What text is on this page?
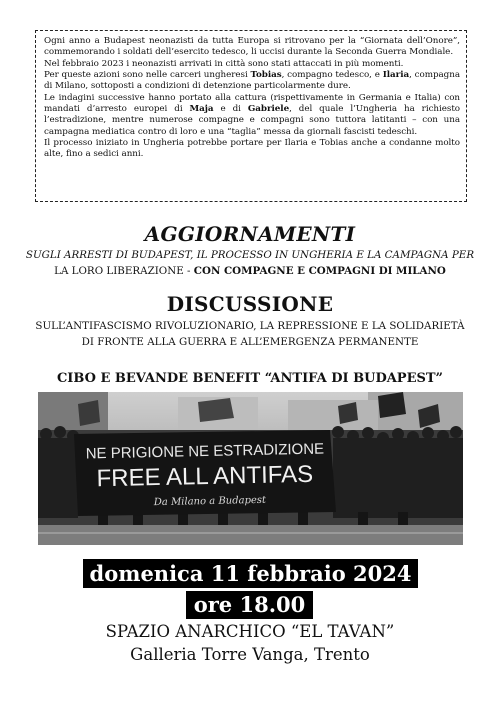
Ogni anno a Budapest neonazisti da tutta Europa si ritrovano per la “Giornata dell’Onore”, commemorando i soldati dell’esercito tedesco, li uccisi durante la Seconda Guerra Mondiale.

Nel febbraio 2023 i neonazisti arrivati in città sono stati attaccati in più momenti.

Per queste azioni sono nelle carceri ungheresi Tobias, compagno tedesco, e Ilaria, compagna di Milano, sottoposti a condizioni di detenzione particolarmente dure.

Le indagini successive hanno portato alla cattura (rispettivamente in Germania e Italia) con mandati d’arresto europei di Maja e di Gabriele, del quale l’Ungheria ha richiesto l’estradizione, mentre numerose compagne e compagni sono tuttora latitanti – con una campagna mediatica contro di loro e una “taglia” messa da giornali fascisti tedeschi.

Il processo iniziato in Ungheria potrebbe portare per Ilaria e Tobias anche a condanne molto alte, fino a sedici anni.

AGGIORNAMENTI
SUGLI ARRESTI DI BUDAPEST, IL PROCESSO IN UNGHERIA E LA CAMPAGNA PER
LA LORO LIBERAZIONE - CON COMPAGNE E COMPAGNI DI MILANO
DISCUSSIONE
SULL’ANTIFASCISMO RIVOLUZIONARIO, LA REPRESSIONE E LA SOLIDARIETÀ
DI FRONTE ALLA GUERRA E ALL’EMERGENZA PERMANENTE
CIBO E BEVANDE BENEFIT “ANTIFA DI BUDAPEST”
NE PRIGIONE NE ESTRADIZIONE
FREE ALL ANTIFAS
Da Milano a Budapest
domenica 11 febbraio 2024
ore 18.00
SPAZIO ANARCHICO “EL TAVAN”
Galleria Torre Vanga, Trento
